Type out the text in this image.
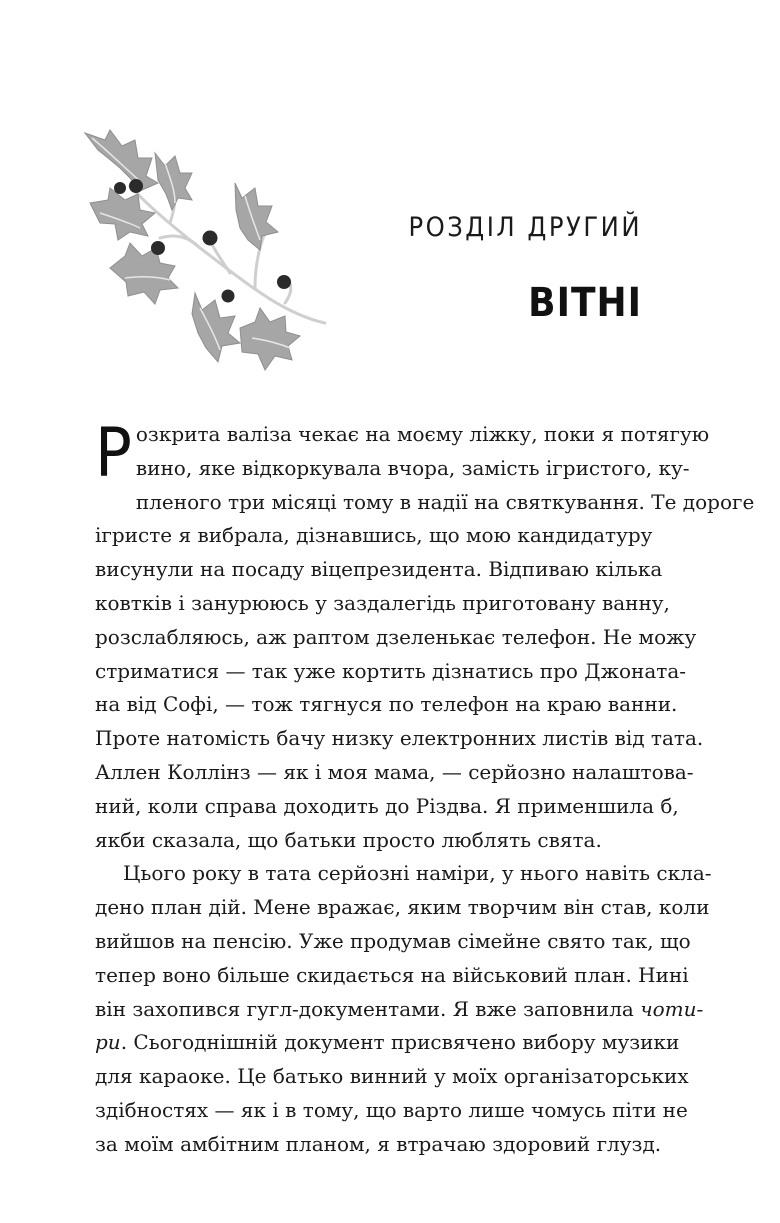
РОЗДІЛ ДРУГИЙ
ВІТНІ
Р озкрита валіза чекає на моєму ліжку, поки я потягую
вино, яке відкоркувала вчора, замість ігристого, ку-
пленого три місяці тому в надії на святкування. Те дороге
ігристе я вибрала, дізнавшись, що мою кандидатуру
висунули на посаду віцепрезидента. Відпиваю кілька
ковтків і занурююсь у заздалегідь приготовану ванну,
розслабляюсь, аж раптом дзеленькає телефон. Не можу
стриматися — так уже кортить дізнатись про Джоната-
на від Софі, — тож тягнуся по телефон на краю ванни.
Проте натомість бачу низку електронних листів від тата.
Аллен Коллінз — як і моя мама, — серйозно налаштова-
ний, коли справа доходить до Різдва. Я применшила б,
якби сказала, що батьки просто люблять свята.
Цього року в тата серйозні наміри, у нього навіть скла-
дено план дій. Мене вражає, яким творчим він став, коли
вийшов на пенсію. Уже продумав сімейне свято так, що
тепер воно більше скидається на військовий план. Нині
він захопився гугл-документами. Я вже заповнила чоти-
ри. Сьогоднішній документ присвячено вибору музики
для караоке. Це батько винний у моїх організаторських
здібностях — як і в тому, що варто лише чомусь піти не
за моїм амбітним планом, я втрачаю здоровий глузд.
